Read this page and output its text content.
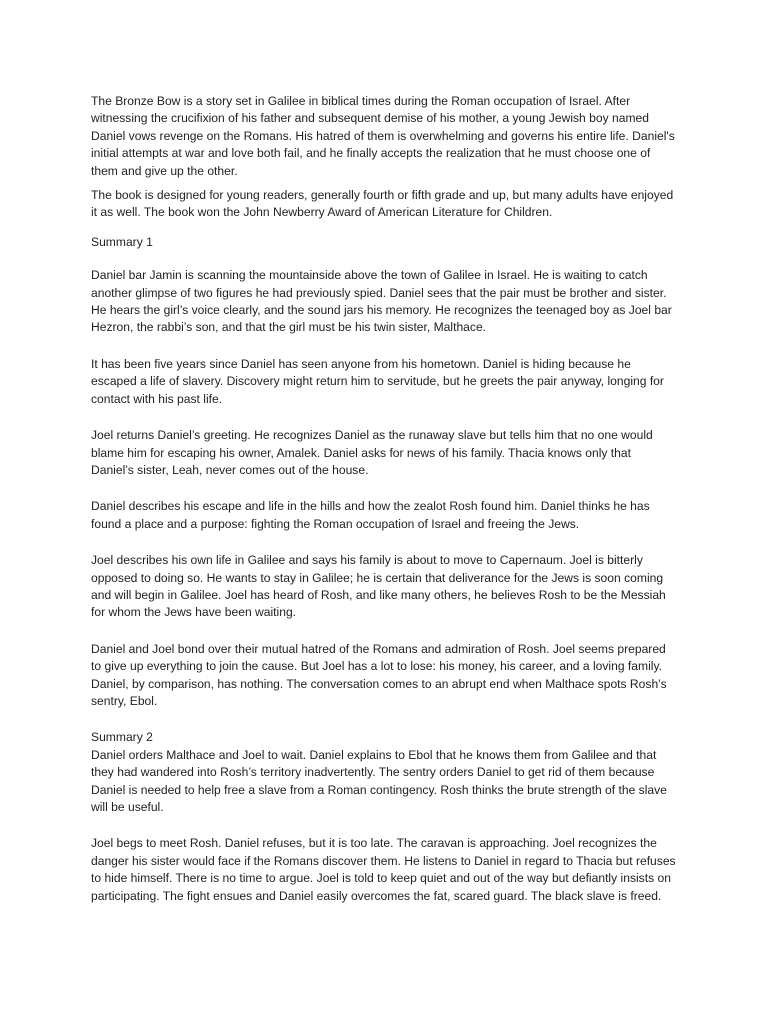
The Bronze Bow is a story set in Galilee in biblical times during the Roman occupation of Israel. After witnessing the crucifixion of his father and subsequent demise of his mother, a young Jewish boy named Daniel vows revenge on the Romans. His hatred of them is overwhelming and governs his entire life. Daniel's initial attempts at war and love both fail, and he finally accepts the realization that he must choose one of them and give up the other.

The book is designed for young readers, generally fourth or fifth grade and up, but many adults have enjoyed it as well. The book won the John Newberry Award of American Literature for Children.

Summary 1

Daniel bar Jamin is scanning the mountainside above the town of Galilee in Israel. He is waiting to catch another glimpse of two figures he had previously spied. Daniel sees that the pair must be brother and sister. He hears the girl’s voice clearly, and the sound jars his memory. He recognizes the teenaged boy as Joel bar Hezron, the rabbi’s son, and that the girl must be his twin sister, Malthace.

It has been five years since Daniel has seen anyone from his hometown. Daniel is hiding because he escaped a life of slavery. Discovery might return him to servitude, but he greets the pair anyway, longing for contact with his past life.

Joel returns Daniel’s greeting. He recognizes Daniel as the runaway slave but tells him that no one would blame him for escaping his owner, Amalek. Daniel asks for news of his family. Thacia knows only that Daniel’s sister, Leah, never comes out of the house.

Daniel describes his escape and life in the hills and how the zealot Rosh found him. Daniel thinks he has found a place and a purpose: fighting the Roman occupation of Israel and freeing the Jews.

Joel describes his own life in Galilee and says his family is about to move to Capernaum. Joel is bitterly opposed to doing so. He wants to stay in Galilee; he is certain that deliverance for the Jews is soon coming and will begin in Galilee. Joel has heard of Rosh, and like many others, he believes Rosh to be the Messiah for whom the Jews have been waiting.

Daniel and Joel bond over their mutual hatred of the Romans and admiration of Rosh. Joel seems prepared to give up everything to join the cause. But Joel has a lot to lose: his money, his career, and a loving family. Daniel, by comparison, has nothing. The conversation comes to an abrupt end when Malthace spots Rosh’s sentry, Ebol.

Summary 2

Daniel orders Malthace and Joel to wait. Daniel explains to Ebol that he knows them from Galilee and that they had wandered into Rosh’s territory inadvertently. The sentry orders Daniel to get rid of them because Daniel is needed to help free a slave from a Roman contingency. Rosh thinks the brute strength of the slave will be useful.

Joel begs to meet Rosh. Daniel refuses, but it is too late. The caravan is approaching. Joel recognizes the danger his sister would face if the Romans discover them. He listens to Daniel in regard to Thacia but refuses to hide himself. There is no time to argue. Joel is told to keep quiet and out of the way but defiantly insists on participating. The fight ensues and Daniel easily overcomes the fat, scared guard. The black slave is freed.
